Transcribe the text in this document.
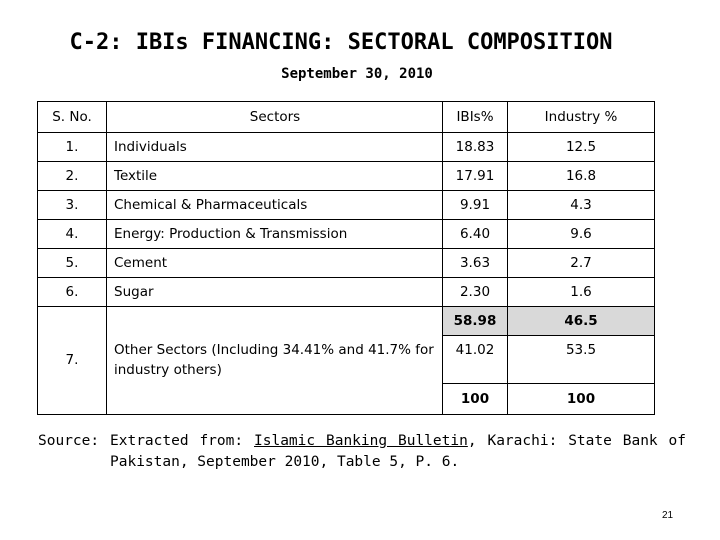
C-2: IBIs FINANCING: SECTORAL COMPOSITION
September 30, 2010
S. No.	Sectors	IBIs%	Industry %
1.	Individuals	18.83	12.5
2.	Textile	17.91	16.8
3.	Chemical & Pharmaceuticals	9.91	4.3
4.	Energy: Production & Transmission	6.40	9.6
5.	Cement	3.63	2.7
6.	Sugar	2.30	1.6
		58.98	46.5
7.	Other Sectors (Including 34.41% and 41.7% for industry others)	41.02	53.5
		100	100
Source: Extracted from: Islamic Banking Bulletin, Karachi: State Bank of Pakistan, September 2010, Table 5, P. 6.
21
